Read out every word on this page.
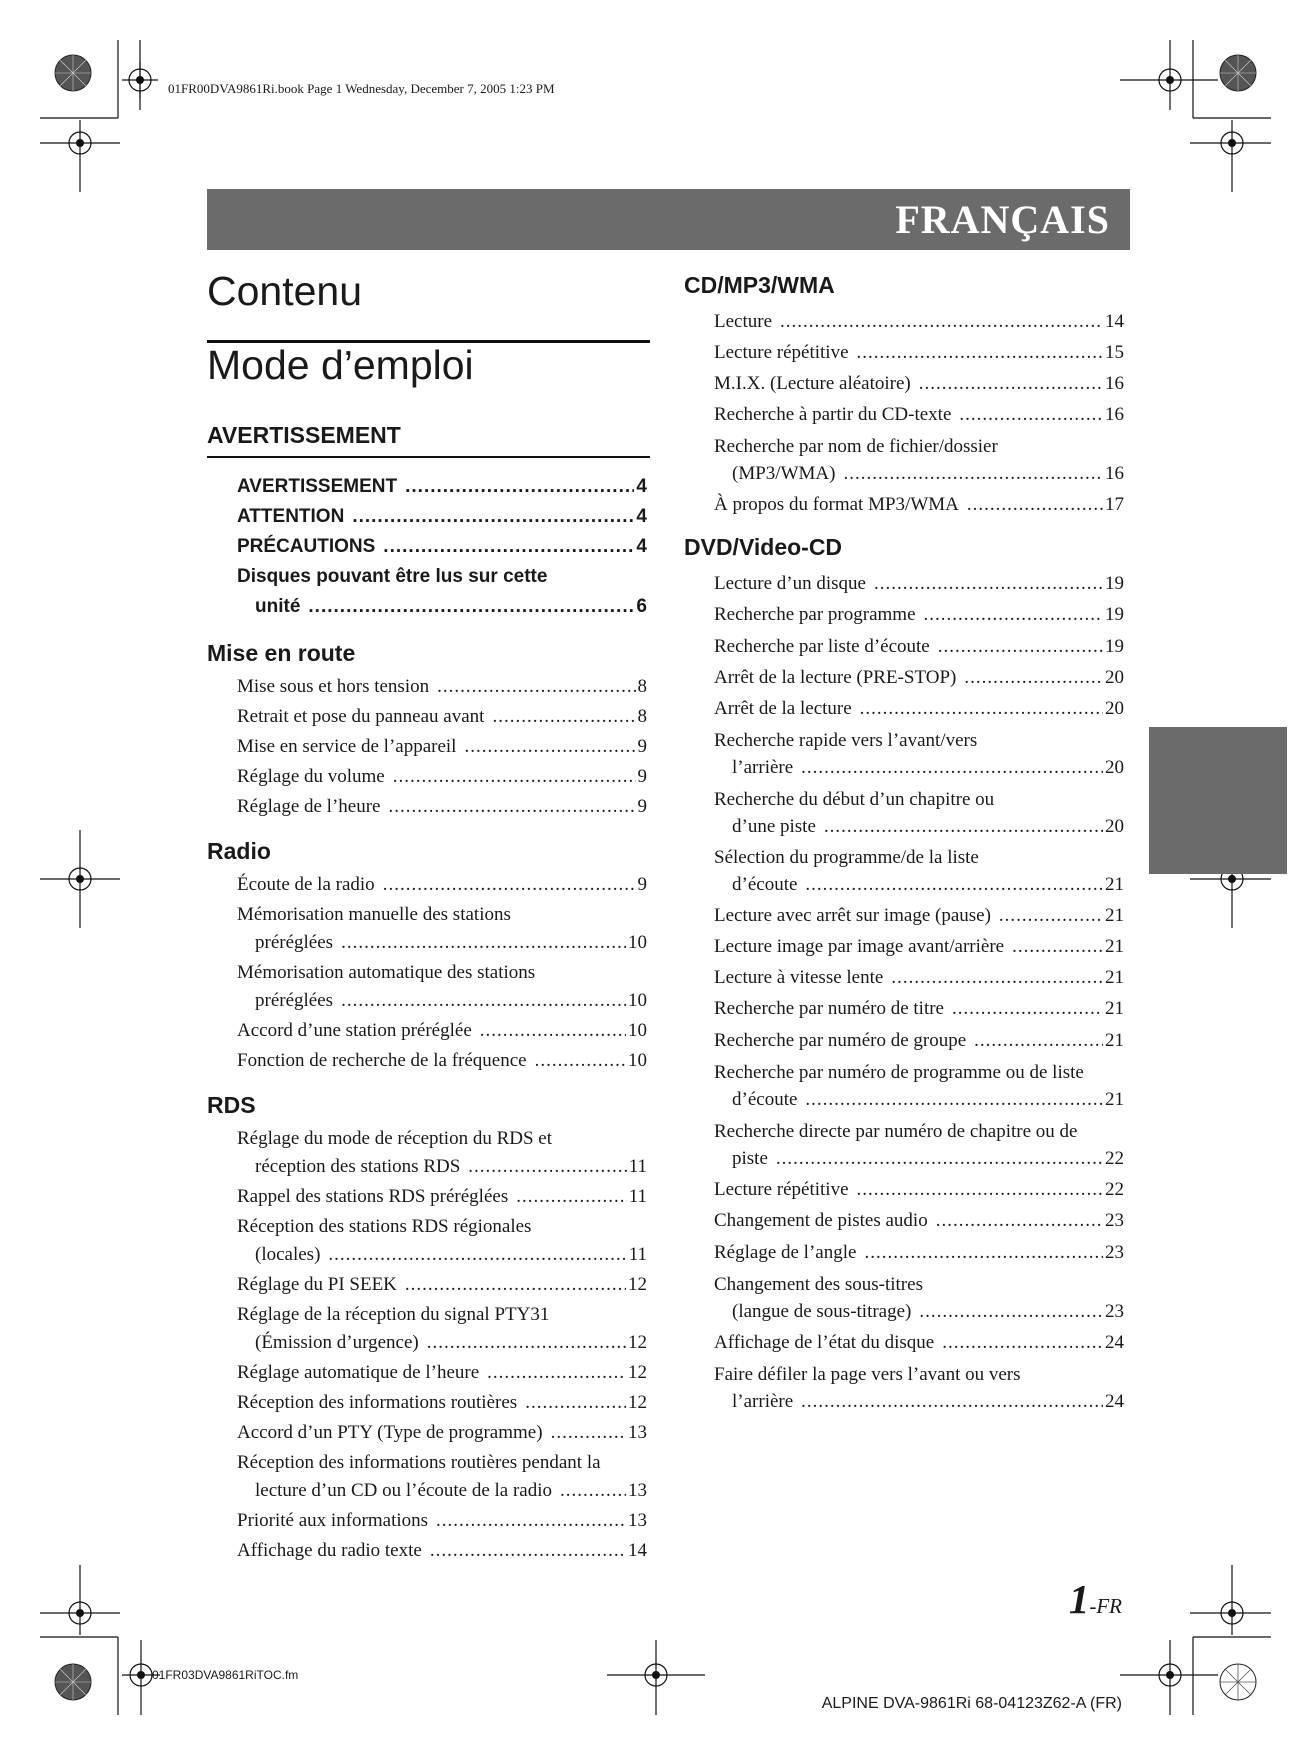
01FR00DVA9861Ri.book Page 1 Wednesday, December 7, 2005 1:23 PM
FRANÇAIS
Contenu
Mode d’emploi
AVERTISSEMENT
AVERTISSEMENT .....	4
ATTENTION .....	4
PRÉCAUTIONS .....	4
Disques pouvant être lus sur cette
unité .....	6
Mise en route
Mise sous et hors tension .....	8
Retrait et pose du panneau avant .....	8
Mise en service de l’appareil .....	9
Réglage du volume .....	9
Réglage de l’heure .....	9
Radio
Écoute de la radio .....	9
Mémorisation manuelle des stations
préréglées .....	10
Mémorisation automatique des stations
préréglées .....	10
Accord d’une station préréglée .....	10
Fonction de recherche de la fréquence .....	10
RDS
Réglage du mode de réception du RDS et
réception des stations RDS .....	11
Rappel des stations RDS préréglées .....	11
Réception des stations RDS régionales
(locales) .....	11
Réglage du PI SEEK .....	12
Réglage de la réception du signal PTY31
(Émission d’urgence) .....	12
Réglage automatique de l’heure .....	12
Réception des informations routières .....	12
Accord d’un PTY (Type de programme) .....	13
Réception des informations routières pendant la
lecture d’un CD ou l’écoute de la radio .....	13
Priorité aux informations .....	13
Affichage du radio texte .....	14
CD/MP3/WMA
Lecture .....	14
Lecture répétitive .....	15
M.I.X. (Lecture aléatoire) .....	16
Recherche à partir du CD-texte .....	16
Recherche par nom de fichier/dossier
(MP3/WMA) .....	16
À propos du format MP3/WMA .....	17
DVD/Video-CD
Lecture d’un disque .....	19
Recherche par programme .....	19
Recherche par liste d’écoute .....	19
Arrêt de la lecture (PRE-STOP) .....	20
Arrêt de la lecture .....	20
Recherche rapide vers l’avant/vers
l’arrière .....	20
Recherche du début d’un chapitre ou
d’une piste .....	20
Sélection du programme/de la liste
d’écoute .....	21
Lecture avec arrêt sur image (pause) .....	21
Lecture image par image avant/arrière .....	21
Lecture à vitesse lente .....	21
Recherche par numéro de titre .....	21
Recherche par numéro de groupe .....	21
Recherche par numéro de programme ou de liste
d’écoute .....	21
Recherche directe par numéro de chapitre ou de
piste .....	22
Lecture répétitive .....	22
Changement de pistes audio .....	23
Réglage de l’angle .....	23
Changement des sous-titres
(langue de sous-titrage) .....	23
Affichage de l’état du disque .....	24
Faire défiler la page vers l’avant ou vers
l’arrière .....	24
1-FR
01FR03DVA9861RiTOC.fm
ALPINE DVA-9861Ri 68-04123Z62-A (FR)
